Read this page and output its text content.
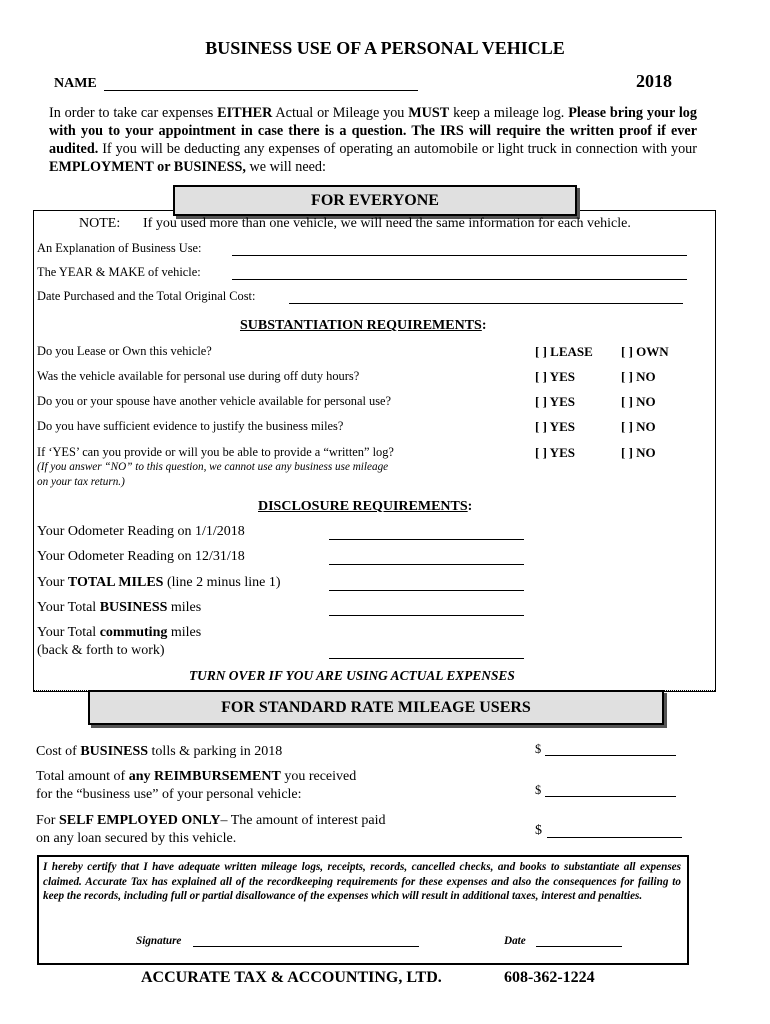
BUSINESS USE OF A PERSONAL VEHICLE
NAME	2018
In order to take car expenses EITHER Actual or Mileage you MUST keep a mileage log. Please bring your log with you to your appointment in case there is a question. The IRS will require the written proof if ever audited. If you will be deducting any expenses of operating an automobile or light truck in connection with your EMPLOYMENT or BUSINESS, we will need:
FOR EVERYONE
NOTE: If you used more than one vehicle, we will need the same information for each vehicle.
An Explanation of Business Use:
The YEAR & MAKE of vehicle:
Date Purchased and the Total Original Cost:
SUBSTANTIATION REQUIREMENTS:
Do you Lease or Own this vehicle?	[ ] LEASE [ ] OWN
Was the vehicle available for personal use during off duty hours?	[ ] YES	[ ] NO
Do you or your spouse have another vehicle available for personal use?	[ ] YES	[ ] NO
Do you have sufficient evidence to justify the business miles?	[ ] YES	[ ] NO
If ‘YES’ can you provide or will you be able to provide a “written” log?	[ ] YES	[ ] NO
(If you answer “NO” to this question, we cannot use any business use mileage
on your tax return.)
DISCLOSURE REQUIREMENTS:
Your Odometer Reading on 1/1/2018
Your Odometer Reading on 12/31/18
Your TOTAL MILES (line 2 minus line 1)
Your Total BUSINESS miles
Your Total commuting miles
(back & forth to work)
TURN OVER IF YOU ARE USING ACTUAL EXPENSES
FOR STANDARD RATE MILEAGE USERS
Cost of BUSINESS tolls & parking in 2018	$
Total amount of any REIMBURSEMENT you received
for the “business use” of your personal vehicle:	$
For SELF EMPLOYED ONLY– The amount of interest paid
on any loan secured by this vehicle.
$
I hereby certify that I have adequate written mileage logs, receipts, records, cancelled checks, and books to substantiate all expenses claimed. Accurate Tax has explained all of the recordkeeping requirements for these expenses and also the consequences for failing to keep the records, including full or partial disallowance of the expenses which will result in additional taxes, interest and penalties.
Signature	Date
ACCURATE TAX & ACCOUNTING, LTD.	608-362-1224
